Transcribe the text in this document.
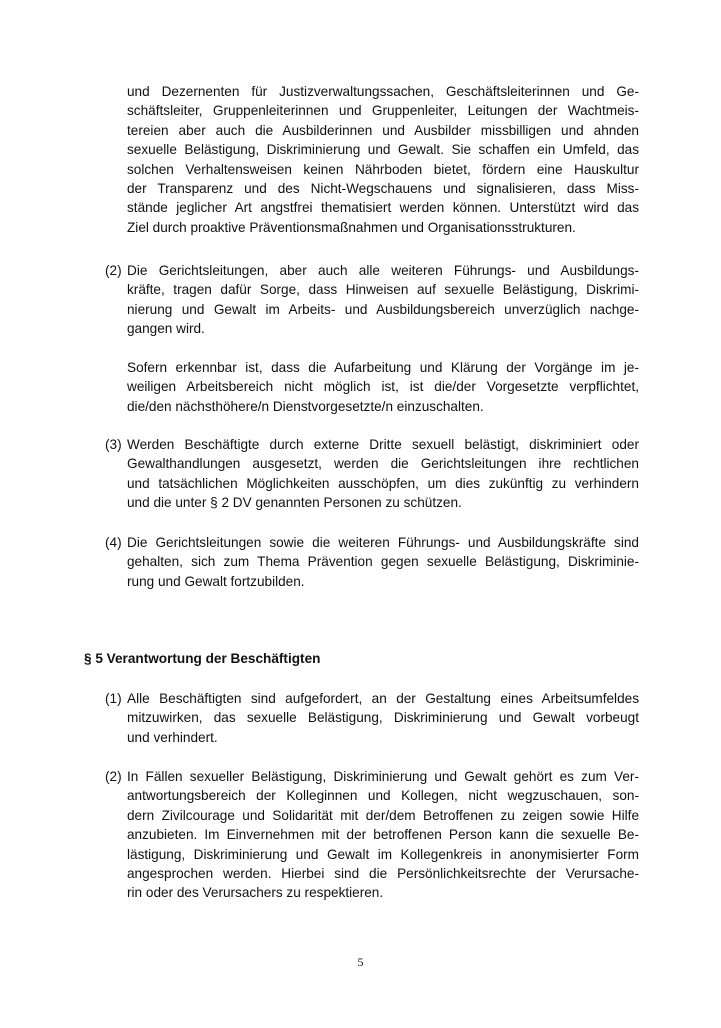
und Dezernenten für Justizverwaltungssachen, Geschäftsleiterinnen und Ge-
schäftsleiter, Gruppenleiterinnen und Gruppenleiter, Leitungen der Wachtmeis-
tereien aber auch die Ausbilderinnen und Ausbilder missbilligen und ahnden
sexuelle Belästigung, Diskriminierung und Gewalt. Sie schaffen ein Umfeld, das
solchen Verhaltensweisen keinen Nährboden bietet, fördern eine Hauskultur
der Transparenz und des Nicht-Wegschauens und signalisieren, dass Miss-
stände jeglicher Art angstfrei thematisiert werden können. Unterstützt wird das
Ziel durch proaktive Präventionsmaßnahmen und Organisationsstrukturen.
(2) Die Gerichtsleitungen, aber auch alle weiteren Führungs- und Ausbildungs-
kräfte, tragen dafür Sorge, dass Hinweisen auf sexuelle Belästigung, Diskrimi-
nierung und Gewalt im Arbeits- und Ausbildungsbereich unverzüglich nachge-
gangen wird.
Sofern erkennbar ist, dass die Aufarbeitung und Klärung der Vorgänge im je-
weiligen Arbeitsbereich nicht möglich ist, ist die/der Vorgesetzte verpflichtet,
die/den nächsthöhere/n Dienstvorgesetzte/n einzuschalten.
(3) Werden Beschäftigte durch externe Dritte sexuell belästigt, diskriminiert oder
Gewalthandlungen ausgesetzt, werden die Gerichtsleitungen ihre rechtlichen
und tatsächlichen Möglichkeiten ausschöpfen, um dies zukünftig zu verhindern
und die unter § 2 DV genannten Personen zu schützen.
(4) Die Gerichtsleitungen sowie die weiteren Führungs- und Ausbildungskräfte sind
gehalten, sich zum Thema Prävention gegen sexuelle Belästigung, Diskriminie-
rung und Gewalt fortzubilden.
§ 5 Verantwortung der Beschäftigten
(1) Alle Beschäftigten sind aufgefordert, an der Gestaltung eines Arbeitsumfeldes
mitzuwirken, das sexuelle Belästigung, Diskriminierung und Gewalt vorbeugt
und verhindert.
(2) In Fällen sexueller Belästigung, Diskriminierung und Gewalt gehört es zum Ver-
antwortungsbereich der Kolleginnen und Kollegen, nicht wegzuschauen, son-
dern Zivilcourage und Solidarität mit der/dem Betroffenen zu zeigen sowie Hilfe
anzubieten. Im Einvernehmen mit der betroffenen Person kann die sexuelle Be-
lästigung, Diskriminierung und Gewalt im Kollegenkreis in anonymisierter Form
angesprochen werden. Hierbei sind die Persönlichkeitsrechte der Verursache-
rin oder des Verursachers zu respektieren.
5
